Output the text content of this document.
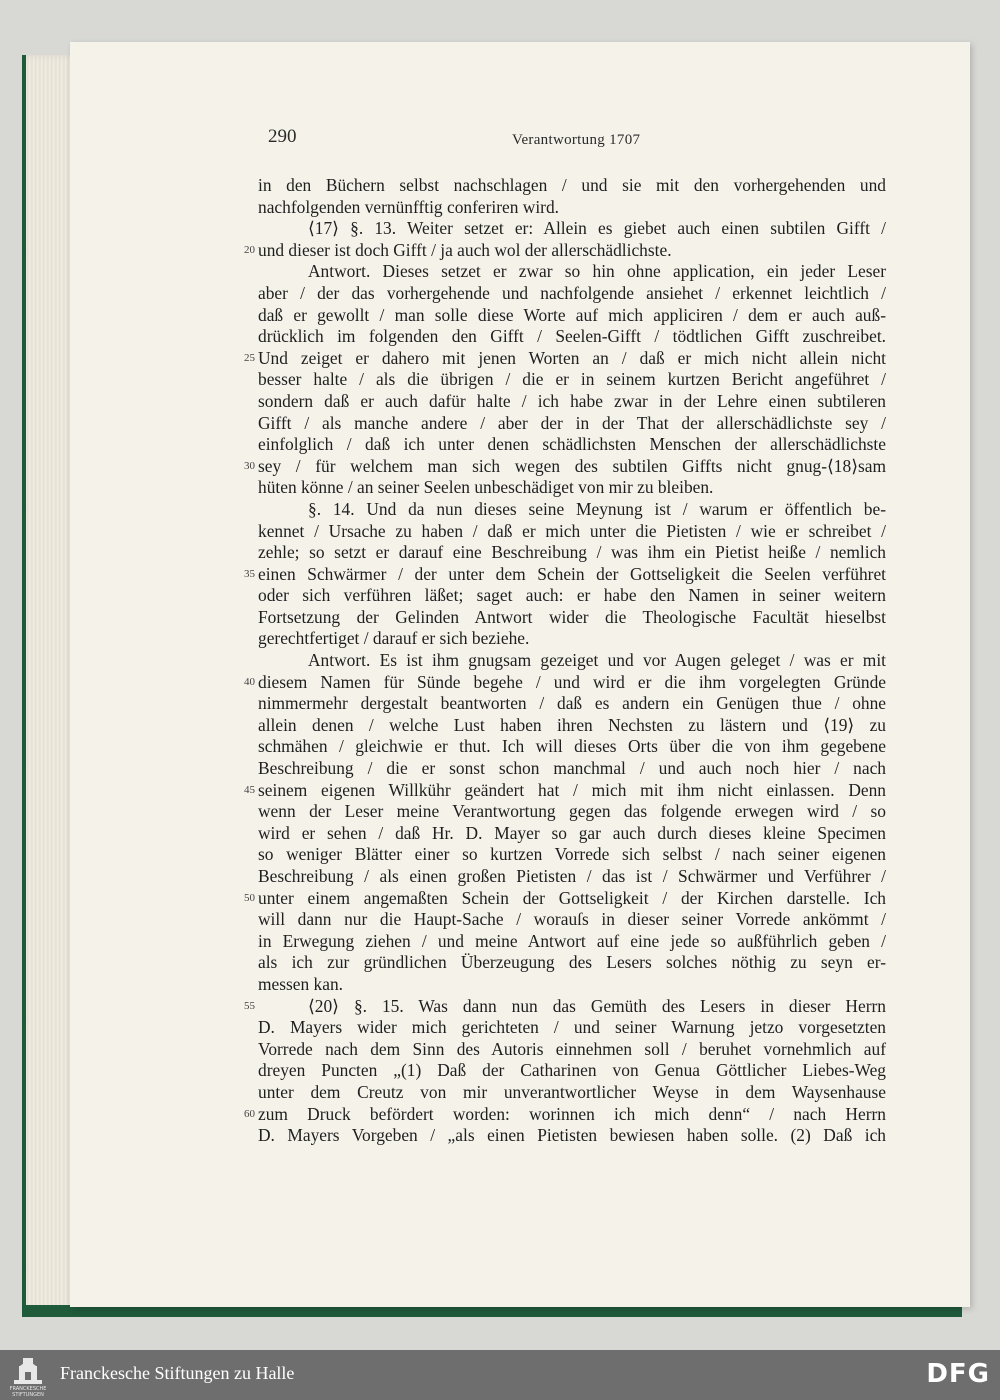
290	Verantwortung 1707
in den Büchern selbst nachschlagen / und sie mit den vorhergehenden und
nachfolgenden vernünfftig conferiren wird.
⟨17⟩ §. 13. Weiter setzet er: Allein es giebet auch einen subtilen Gifft /
20 und dieser ist doch Gifft / ja auch wol der allerschädlichste.
Antwort. Dieses setzet er zwar so hin ohne application, ein jeder Leser
aber / der das vorhergehende und nachfolgende ansiehet / erkennet leichtlich /
daß er gewollt / man solle diese Worte auf mich appliciren / dem er auch auß-
drücklich im folgenden den Gifft / Seelen-Gifft / tödtlichen Gifft zuschreibet.
25 Und zeiget er dahero mit jenen Worten an / daß er mich nicht allein nicht
besser halte / als die übrigen / die er in seinem kurtzen Bericht angeführet /
sondern daß er auch dafür halte / ich habe zwar in der Lehre einen subtileren
Gifft / als manche andere / aber der in der That der allerschädlichste sey /
einfolglich / daß ich unter denen schädlichsten Menschen der allerschädlichste
30 sey / für welchem man sich wegen des subtilen Giffts nicht gnug-⟨18⟩sam
hüten könne / an seiner Seelen unbeschädiget von mir zu bleiben.
§. 14. Und da nun dieses seine Meynung ist / warum er öffentlich be-
kennet / Ursache zu haben / daß er mich unter die Pietisten / wie er schreibet /
zehle; so setzt er darauf eine Beschreibung / was ihm ein Pietist heiße / nemlich
35 einen Schwärmer / der unter dem Schein der Gottseligkeit die Seelen verführet
oder sich verführen läßet; saget auch: er habe den Namen in seiner weitern
Fortsetzung der Gelinden Antwort wider die Theologische Facultät hieselbst
gerechtfertiget / darauf er sich beziehe.
Antwort. Es ist ihm gnugsam gezeiget und vor Augen geleget / was er mit
40 diesem Namen für Sünde begehe / und wird er die ihm vorgelegten Gründe
nimmermehr dergestalt beantworten / daß es andern ein Genügen thue / ohne
allein denen / welche Lust haben ihren Nechsten zu lästern und ⟨19⟩ zu
schmähen / gleichwie er thut. Ich will dieses Orts über die von ihm gegebene
Beschreibung / die er sonst schon manchmal / und auch noch hier / nach
45 seinem eigenen Willkühr geändert hat / mich mit ihm nicht einlassen. Denn
wenn der Leser meine Verantwortung gegen das folgende erwegen wird / so
wird er sehen / daß Hr. D. Mayer so gar auch durch dieses kleine Specimen
so weniger Blätter einer so kurtzen Vorrede sich selbst / nach seiner eigenen
Beschreibung / als einen großen Pietisten / das ist / Schwärmer und Verführer /
50 unter einem angemaßten Schein der Gottseligkeit / der Kirchen darstelle. Ich
will dann nur die Haupt-Sache / worauſs in dieser seiner Vorrede ankömmt /
in Erwegung ziehen / und meine Antwort auf eine jede so außführlich geben /
als ich zur gründlichen Überzeugung des Lesers solches nöthig zu seyn er-
messen kan.
55	⟨20⟩ §. 15. Was dann nun das Gemüth des Lesers in dieser Herrn
D. Mayers wider mich gerichteten / und seiner Warnung jetzo vorgesetzten
Vorrede nach dem Sinn des Autoris einnehmen soll / beruhet vornehmlich auf
dreyen Puncten „(1) Daß der Catharinen von Genua Göttlicher Liebes-Weg
unter dem Creutz von mir unverantwortlicher Weyse in dem Waysenhause
60 zum Druck befördert worden: worinnen ich mich denn“ / nach Herrn
D. Mayers Vorgeben / „als einen Pietisten bewiesen haben solle. (2) Daß ich
FRANCKESCHE STIFTUNGEN
Franckesche Stiftungen zu Halle	DFG
